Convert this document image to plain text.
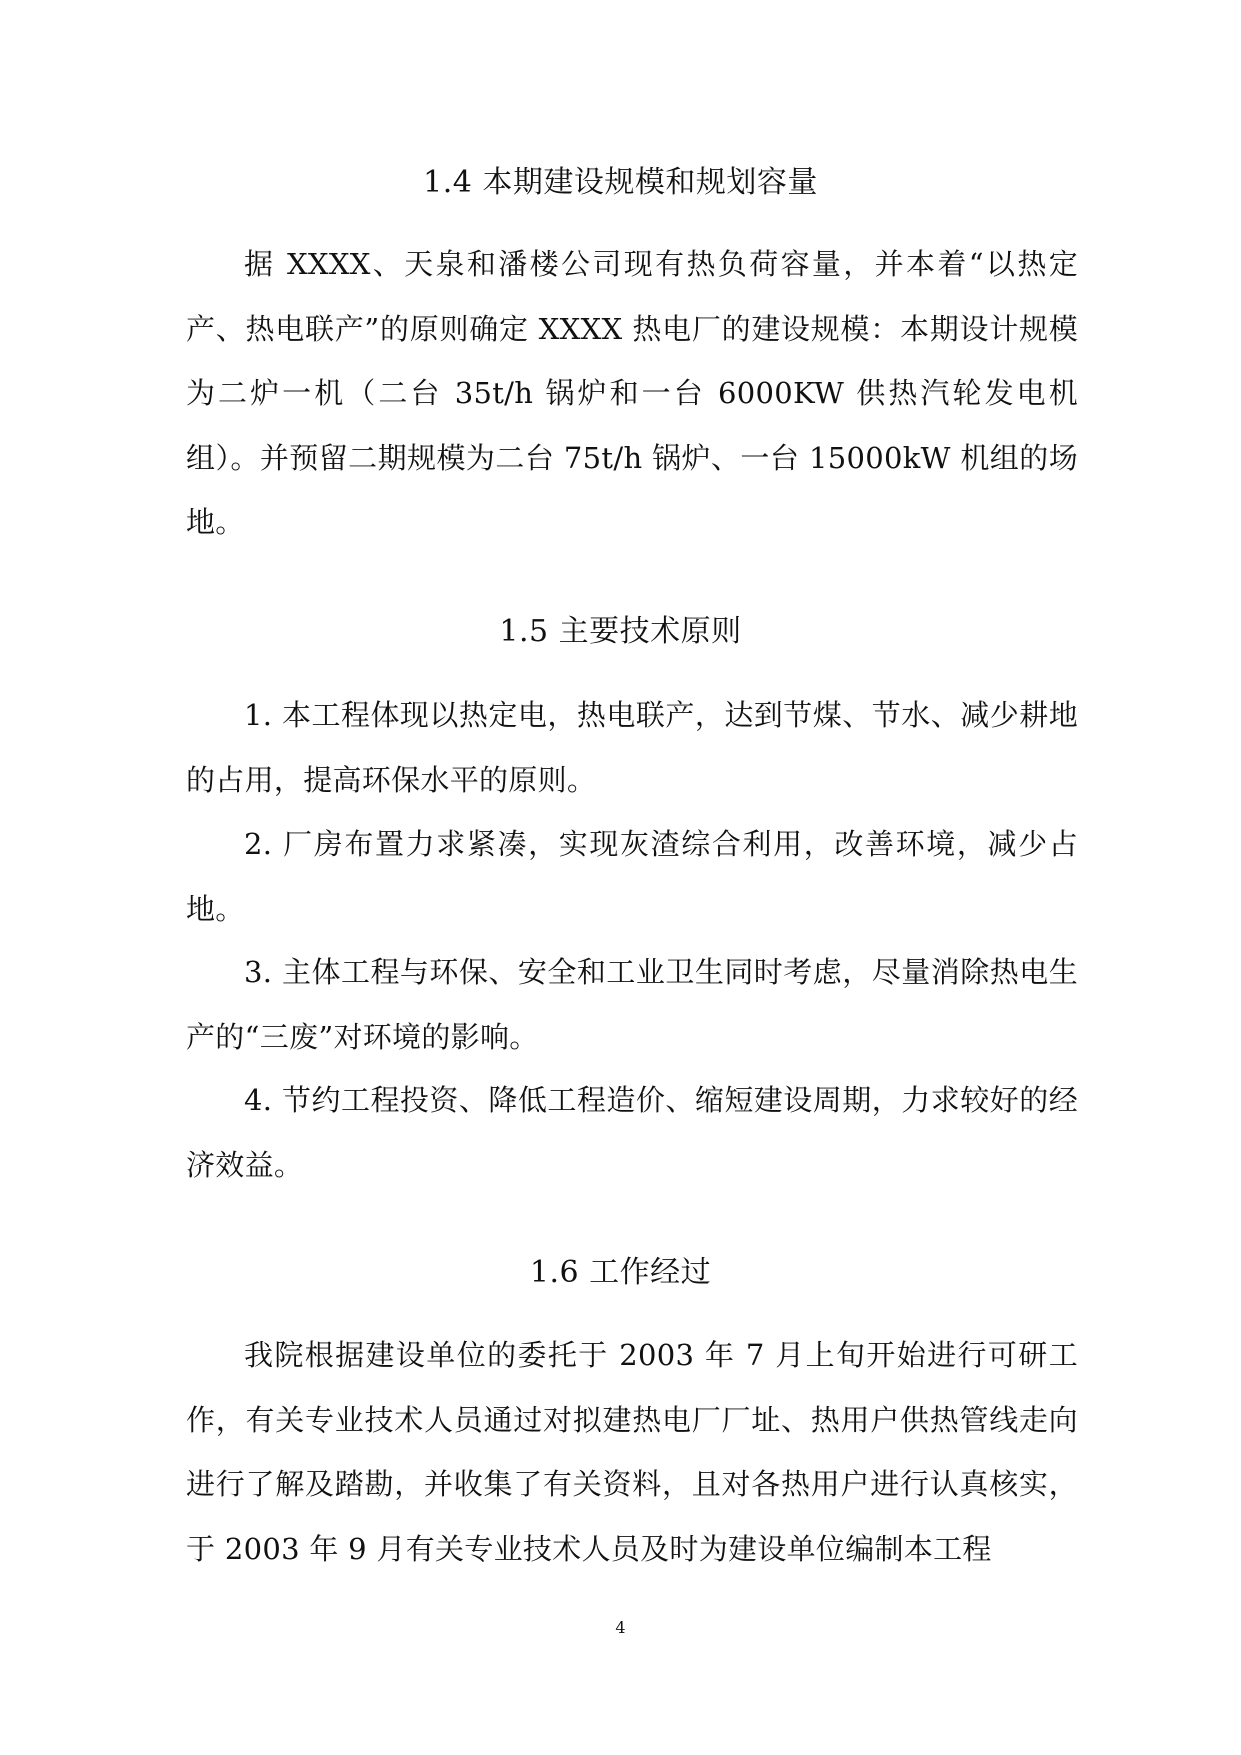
1.4 本期建设规模和规划容量
据 XXXX、天泉和潘楼公司现有热负荷容量，并本着“以热定产、热电联产”的原则确定 XXXX 热电厂的建设规模：本期设计规模为二炉一机（二台 35t/h 锅炉和一台 6000KW 供热汽轮发电机组）。并预留二期规模为二台 75t/h 锅炉、一台 15000kW 机组的场地。
1.5 主要技术原则
1. 本工程体现以热定电，热电联产，达到节煤、节水、减少耕地的占用，提高环保水平的原则。
2. 厂房布置力求紧凑，实现灰渣综合利用，改善环境，减少占地。
3. 主体工程与环保、安全和工业卫生同时考虑，尽量消除热电生产的“三废”对环境的影响。
4. 节约工程投资、降低工程造价、缩短建设周期，力求较好的经济效益。
1.6 工作经过
我院根据建设单位的委托于 2003 年 7 月上旬开始进行可研工作，有关专业技术人员通过对拟建热电厂厂址、热用户供热管线走向进行了解及踏勘，并收集了有关资料，且对各热用户进行认真核实，于 2003 年 9 月有关专业技术人员及时为建设单位编制本工程
4
